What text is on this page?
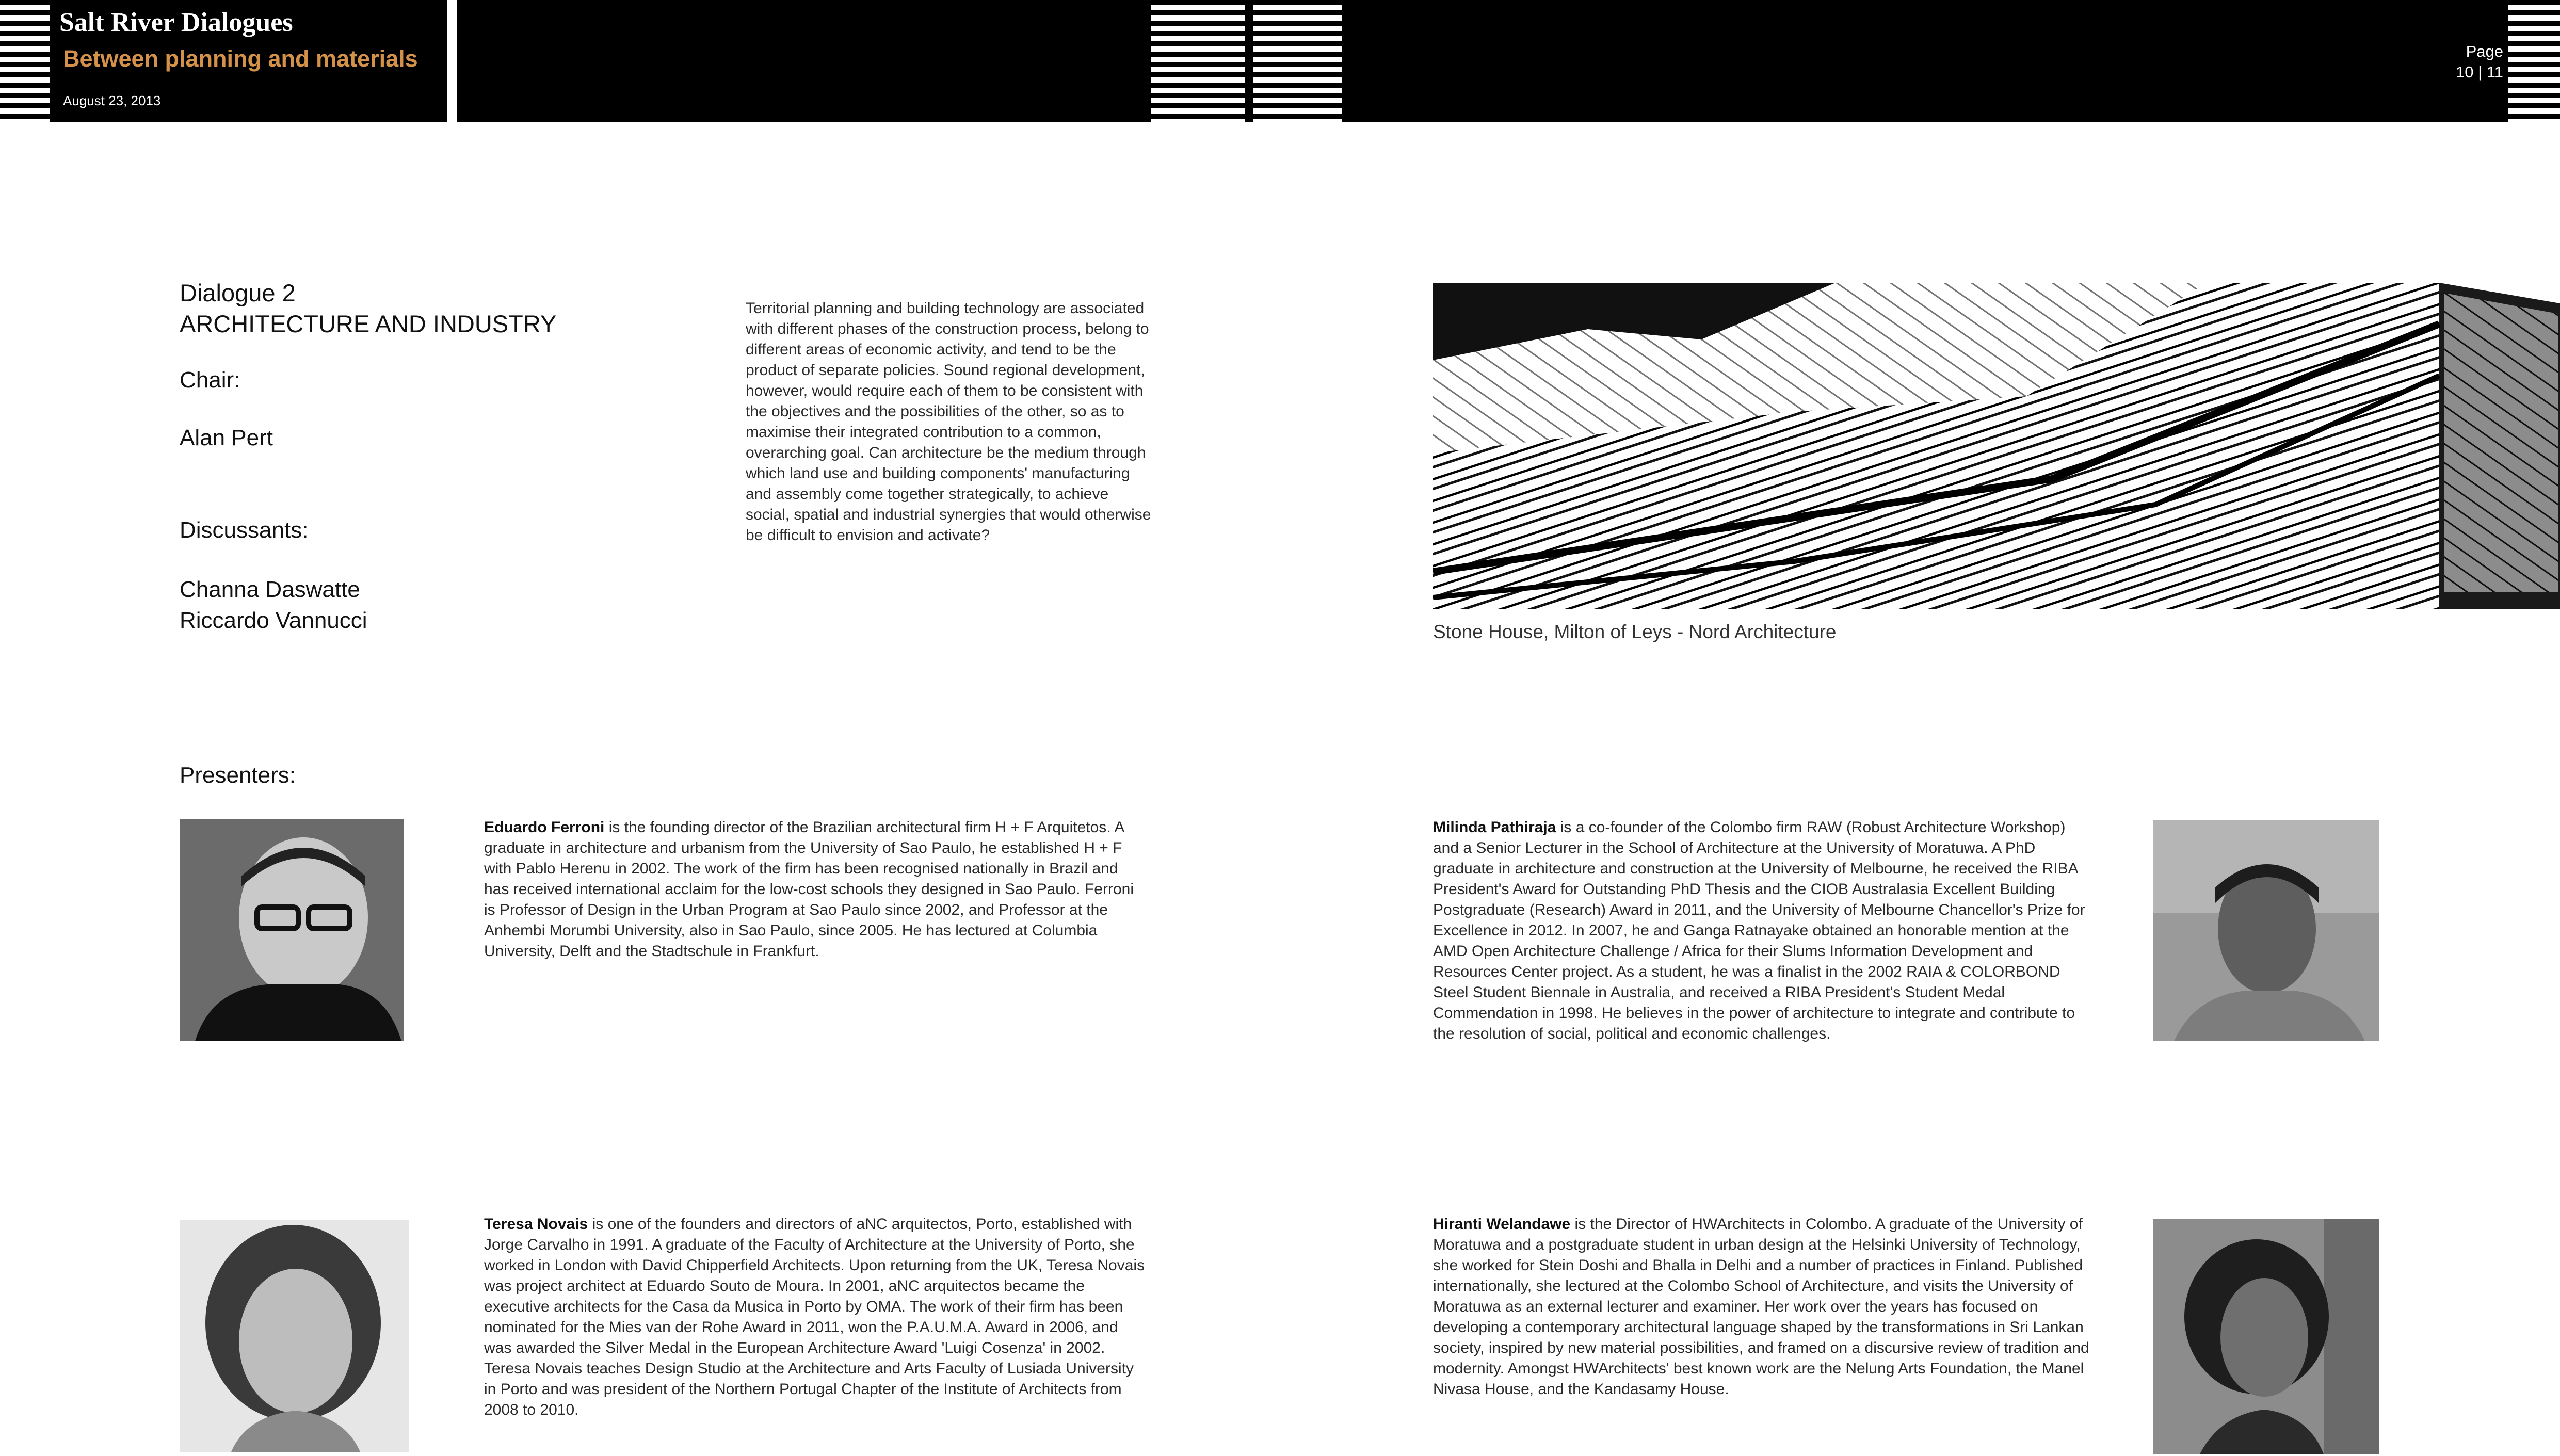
Salt River Dialogues
Between planning and materials
August 23, 2013
Page
10 | 11

Dialogue 2

ARCHITECTURE AND INDUSTRY

Chair:

Alan Pert

Discussants:

Channa Daswatte

Riccardo Vannucci

Presenters:

Territorial planning and building technology are associated with different phases of the construction process, belong to different areas of economic activity, and tend to be the product of separate policies. Sound regional development, however, would require each of them to be consistent with the objectives and the possibilities of the other, so as to maximise their integrated contribution to a common, overarching goal. Can architecture be the medium through which land use and building components' manufacturing and assembly come together strategically, to achieve social, spatial and industrial synergies that would otherwise be difficult to envision and activate?

Stone House, Milton of Leys - Nord Architecture

Eduardo Ferroni is the founding director of the Brazilian architectural firm H + F Arquitetos. A graduate in architecture and urbanism from the University of Sao Paulo, he established H + F with Pablo Herenu in 2002. The work of the firm has been recognised nationally in Brazil and has received international acclaim for the low-cost schools they designed in Sao Paulo. Ferroni is Professor of Design in the Urban Program at Sao Paulo since 2002, and Professor at the Anhembi Morumbi University, also in Sao Paulo, since 2005. He has lectured at Columbia University, Delft and the Stadtschule in Frankfurt.

Milinda Pathiraja is a co-founder of the Colombo firm RAW (Robust Architecture Workshop) and a Senior Lecturer in the School of Architecture at the University of Moratuwa. A PhD graduate in architecture and construction at the University of Melbourne, he received the RIBA President's Award for Outstanding PhD Thesis and the CIOB Australasia Excellent Building Postgraduate (Research) Award in 2011, and the University of Melbourne Chancellor's Prize for Excellence in 2012. In 2007, he and Ganga Ratnayake obtained an honorable mention at the AMD Open Architecture Challenge / Africa for their Slums Information Development and Resources Center project. As a student, he was a finalist in the 2002 RAIA & COLORBOND Steel Student Biennale in Australia, and received a RIBA President's Student Medal Commendation in 1998. He believes in the power of architecture to integrate and contribute to the resolution of social, political and economic challenges.

Teresa Novais is one of the founders and directors of aNC arquitectos, Porto, established with Jorge Carvalho in 1991. A graduate of the Faculty of Architecture at the University of Porto, she worked in London with David Chipperfield Architects. Upon returning from the UK, Teresa Novais was project architect at Eduardo Souto de Moura. In 2001, aNC arquitectos became the executive architects for the Casa da Musica in Porto by OMA. The work of their firm has been nominated for the Mies van der Rohe Award in 2011, won the P.A.U.M.A. Award in 2006, and was awarded the Silver Medal in the European Architecture Award 'Luigi Cosenza' in 2002. Teresa Novais teaches Design Studio at the Architecture and Arts Faculty of Lusiada University in Porto and was president of the Northern Portugal Chapter of the Institute of Architects from 2008 to 2010.

Hiranti Welandawe is the Director of HWArchitects in Colombo. A graduate of the University of Moratuwa and a postgraduate student in urban design at the Helsinki University of Technology, she worked for Stein Doshi and Bhalla in Delhi and a number of practices in Finland. Published internationally, she lectured at the Colombo School of Architecture, and visits the University of Moratuwa as an external lecturer and examiner. Her work over the years has focused on developing a contemporary architectural language shaped by the transformations in Sri Lankan society, inspired by new material possibilities, and framed on a discursive review of tradition and modernity. Amongst HWArchitects' best known work are the Nelung Arts Foundation, the Manel Nivasa House, and the Kandasamy House.
